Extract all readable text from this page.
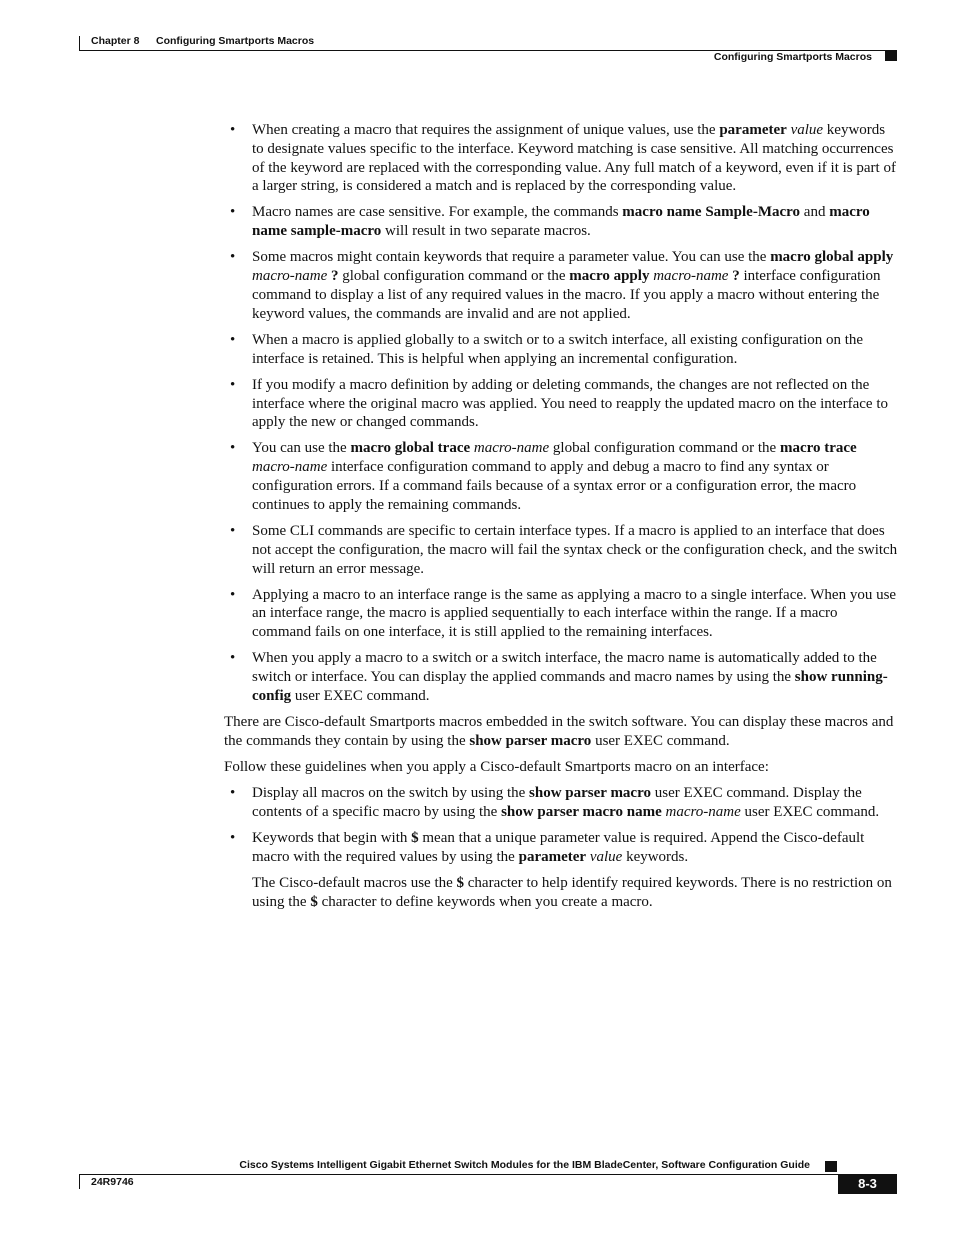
Chapter 8 Configuring Smartports Macros
Configuring Smartports Macros
• When creating a macro that requires the assignment of unique values, use the parameter value keywords to designate values specific to the interface. Keyword matching is case sensitive. All matching occurrences of the keyword are replaced with the corresponding value. Any full match of a keyword, even if it is part of a larger string, is considered a match and is replaced by the corresponding value.
• Macro names are case sensitive. For example, the commands macro name Sample-Macro and macro name sample-macro will result in two separate macros.
• Some macros might contain keywords that require a parameter value. You can use the macro global apply macro-name ? global configuration command or the macro apply macro-name ? interface configuration command to display a list of any required values in the macro. If you apply a macro without entering the keyword values, the commands are invalid and are not applied.
• When a macro is applied globally to a switch or to a switch interface, all existing configuration on the interface is retained. This is helpful when applying an incremental configuration.
• If you modify a macro definition by adding or deleting commands, the changes are not reflected on the interface where the original macro was applied. You need to reapply the updated macro on the interface to apply the new or changed commands.
• You can use the macro global trace macro-name global configuration command or the macro trace macro-name interface configuration command to apply and debug a macro to find any syntax or configuration errors. If a command fails because of a syntax error or a configuration error, the macro continues to apply the remaining commands.
• Some CLI commands are specific to certain interface types. If a macro is applied to an interface that does not accept the configuration, the macro will fail the syntax check or the configuration check, and the switch will return an error message.
• Applying a macro to an interface range is the same as applying a macro to a single interface. When you use an interface range, the macro is applied sequentially to each interface within the range. If a macro command fails on one interface, it is still applied to the remaining interfaces.
• When you apply a macro to a switch or a switch interface, the macro name is automatically added to the switch or interface. You can display the applied commands and macro names by using the show running-config user EXEC command.

There are Cisco-default Smartports macros embedded in the switch software. You can display these macros and the commands they contain by using the show parser macro user EXEC command.

Follow these guidelines when you apply a Cisco-default Smartports macro on an interface:

• Display all macros on the switch by using the show parser macro user EXEC command. Display the contents of a specific macro by using the show parser macro name macro-name user EXEC command.
• Keywords that begin with $ mean that a unique parameter value is required. Append the Cisco-default macro with the required values by using the parameter value keywords.

The Cisco-default macros use the $ character to help identify required keywords. There is no restriction on using the $ character to define keywords when you create a macro.

Cisco Systems Intelligent Gigabit Ethernet Switch Modules for the IBM BladeCenter, Software Configuration Guide
24R9746	8-3
